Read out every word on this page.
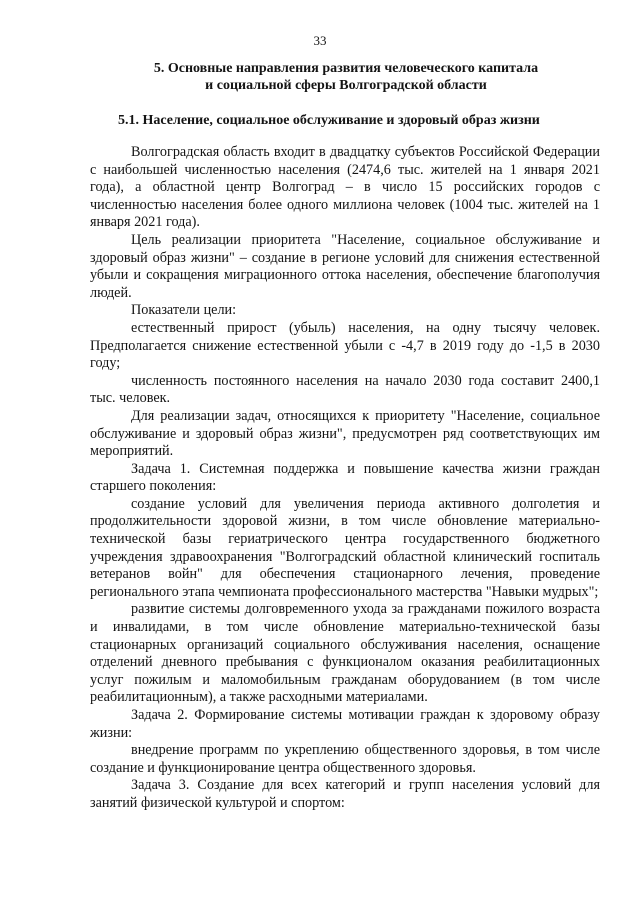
33
5. Основные направления развития человеческого капитала
и социальной сферы Волгоградской области
5.1. Население, социальное обслуживание и здоровый образ жизни

Волгоградская область входит в двадцатку субъектов Российской Федерации с наибольшей численностью населения (2474,6 тыс. жителей на 1 января 2021 года), а областной центр Волгоград – в число 15 российских городов с численностью населения более одного миллиона человек (1004 тыс. жителей на 1 января 2021 года).

Цель реализации приоритета "Население, социальное обслуживание и здоровый образ жизни" – создание в регионе условий для снижения естественной убыли и сокращения миграционного оттока населения, обеспечение благополучия людей.

Показатели цели:

естественный прирост (убыль) населения, на одну тысячу человек. Предполагается снижение естественной убыли с -4,7 в 2019 году до -1,5 в 2030 году;

численность постоянного населения на начало 2030 года составит 2400,1 тыс. человек.

Для реализации задач, относящихся к приоритету "Население, социальное обслуживание и здоровый образ жизни", предусмотрен ряд соответствующих им мероприятий.

Задача 1. Системная поддержка и повышение качества жизни граждан старшего поколения:

создание условий для увеличения периода активного долголетия и продолжительности здоровой жизни, в том числе обновление материально-технической базы гериатрического центра государственного бюджетного учреждения здравоохранения "Волгоградский областной клинический госпиталь ветеранов войн" для обеспечения стационарного лечения, проведение регионального этапа чемпионата профессионального мастерства "Навыки мудрых";

развитие системы долговременного ухода за гражданами пожилого возраста и инвалидами, в том числе обновление материально-технической базы стационарных организаций социального обслуживания населения, оснащение отделений дневного пребывания с функционалом оказания реабилитационных услуг пожилым и маломобильным гражданам оборудованием (в том числе реабилитационным), а также расходными материалами.

Задача 2. Формирование системы мотивации граждан к здоровому образу жизни:

внедрение программ по укреплению общественного здоровья, в том числе создание и функционирование центра общественного здоровья.

Задача 3. Создание для всех категорий и групп населения условий для занятий физической культурой и спортом:
